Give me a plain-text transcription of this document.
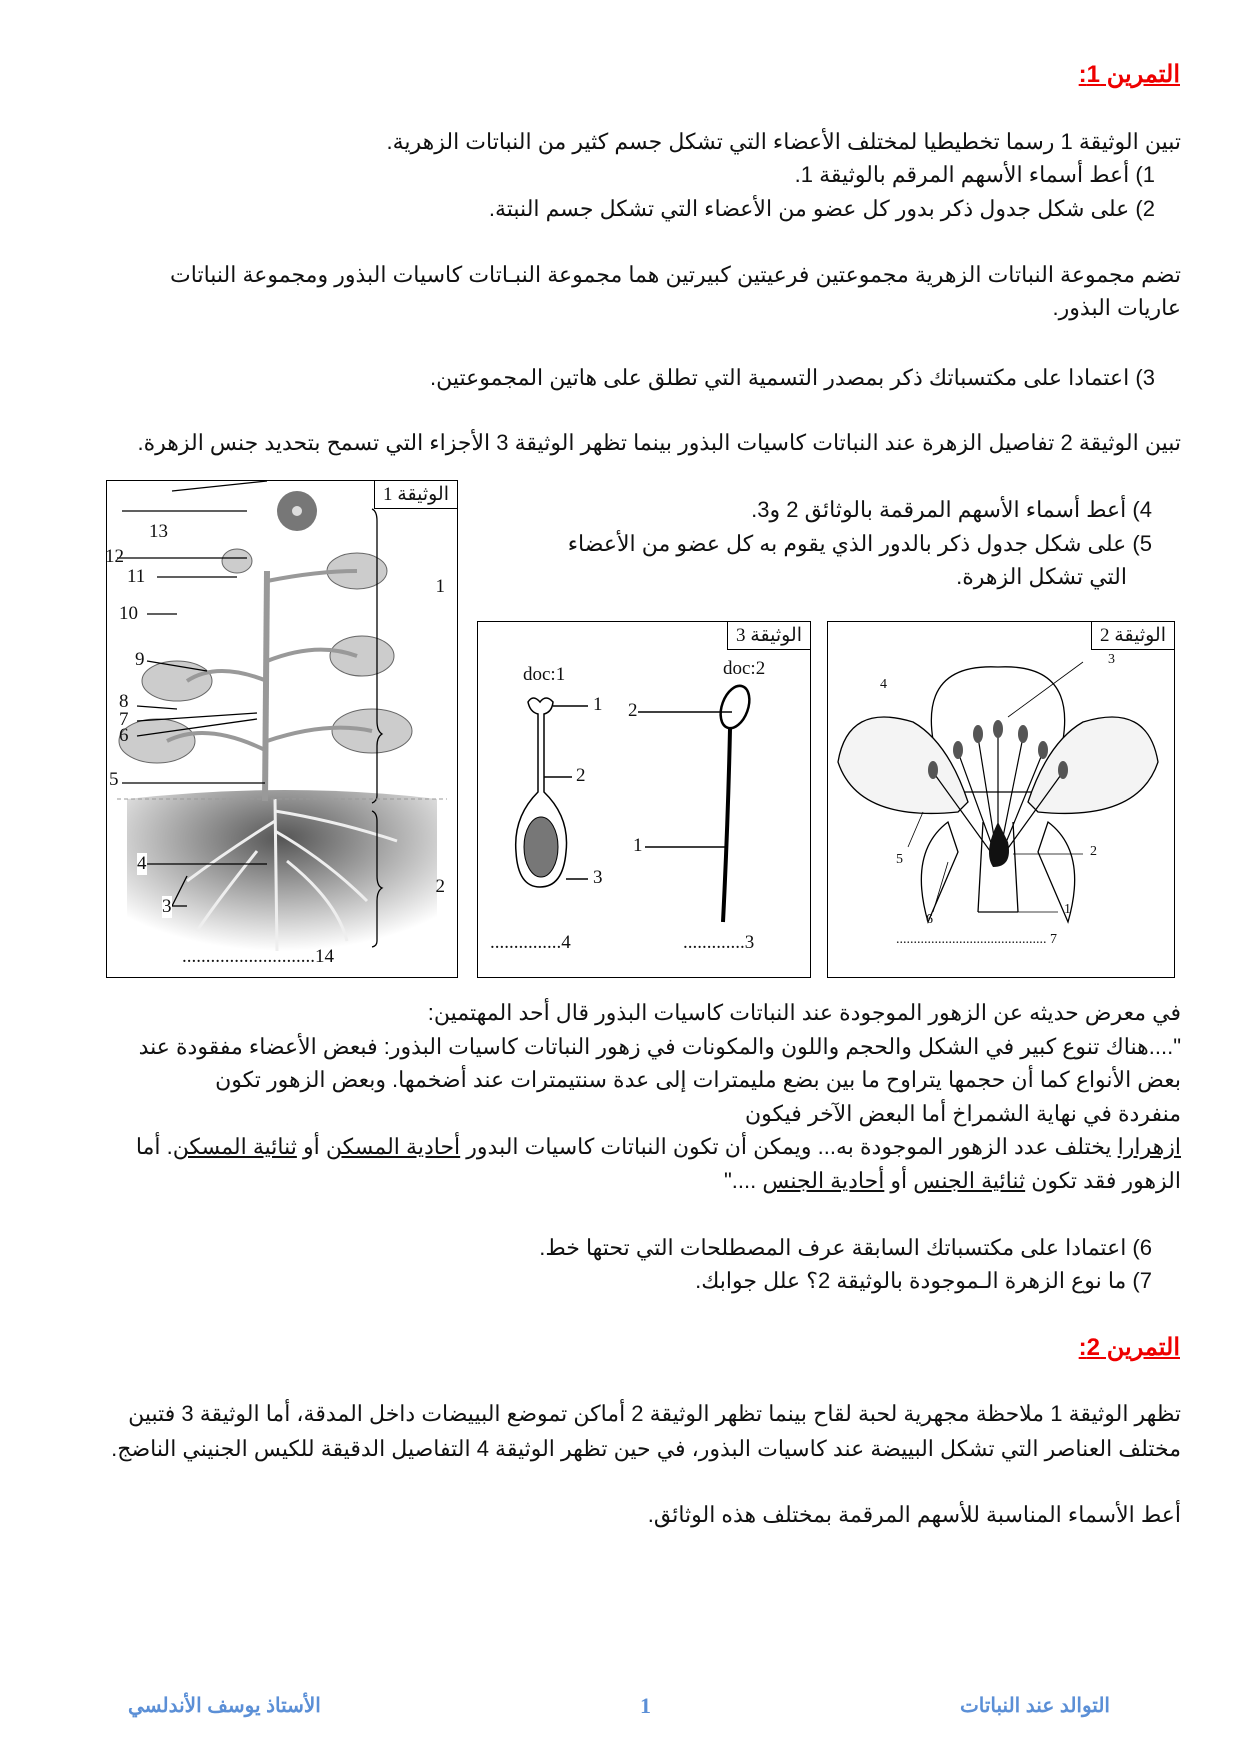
التمرين 1:
تبين الوثيقة 1 رسما تخطيطيا لمختلف الأعضاء التي تشكل جسم كثير من النباتات الزهرية.
1) أعط أسماء الأسهم المرقم بالوثيقة 1.
2) على شكل جدول ذكر بدور كل عضو من الأعضاء التي تشكل جسم النبتة.
تضم مجموعة النباتات الزهرية مجموعتين فرعيتين كبيرتين هما مجموعة النبـاتات كاسيات البذور ومجموعة النباتات
عاريات البذور.
3) اعتمادا على مكتسباتك ذكر بمصدر التسمية التي تطلق على هاتين المجموعتين.
تبين الوثيقة 2 تفاصيل الزهرة عند النباتات كاسيات البذور بينما تظهر الوثيقة 3 الأجزاء التي تسمح بتحديد جنس الزهرة.
4) أعط أسماء الأسهم المرقمة بالوثائق 2 و3.
5) على شكل جدول ذكر بالدور الذي يقوم به كل عضو من الأعضاء
التي تشكل الزهرة.
الوثيقة 1
1
2
3
4
5
6
7
8
9
10
11
12
13
............................14
الوثيقة 3
doc:1	doc:2
1
2
3
2
1
...............4	.............3
الوثيقة 2
1
2
3
4
5
6
........................................... 7
في معرض حديثه عن الزهور الموجودة عند النباتات كاسيات البذور قال أحد المهتمين:
"....هناك تنوع كبير في الشكل والحجم واللون والمكونات في زهور النباتات كاسيات البذور: فبعض الأعضاء مفقودة عند
بعض الأنواع كما أن حجمها يتراوح ما بين بضع مليمترات إلى عدة سنتيمترات عند أضخمها. وبعض الزهور تكون
منفردة في نهاية الشمراخ أما البعض الآخر فيكون
ازهرارا يختلف عدد الزهور الموجودة به... ويمكن أن تكون النباتات كاسيات البدور أحادية المسكن أو ثنائية المسكن. أما
الزهور فقد تكون ثنائية الجنس أو أحادية الجنس ...."
6) اعتمادا على مكتسباتك السابقة عرف المصطلحات التي تحتها خط.
7) ما نوع الزهرة الـموجودة بالوثيقة 2؟ علل جوابك.
التمرين 2:
تظهر الوثيقة 1 ملاحظة مجهرية لحبة لقاح بينما تظهر الوثيقة 2 أماكن تموضع البييضات داخل المدقة، أما الوثيقة 3 فتبين
مختلف العناصر التي تشكل البييضة عند كاسيات البذور، في حين تظهر الوثيقة 4 التفاصيل الدقيقة للكيس الجنيني الناضج.
أعط الأسماء المناسبة للأسهم المرقمة بمختلف هذه الوثائق.
التوالد عند النباتات
1
الأستاذ يوسف الأندلسي
